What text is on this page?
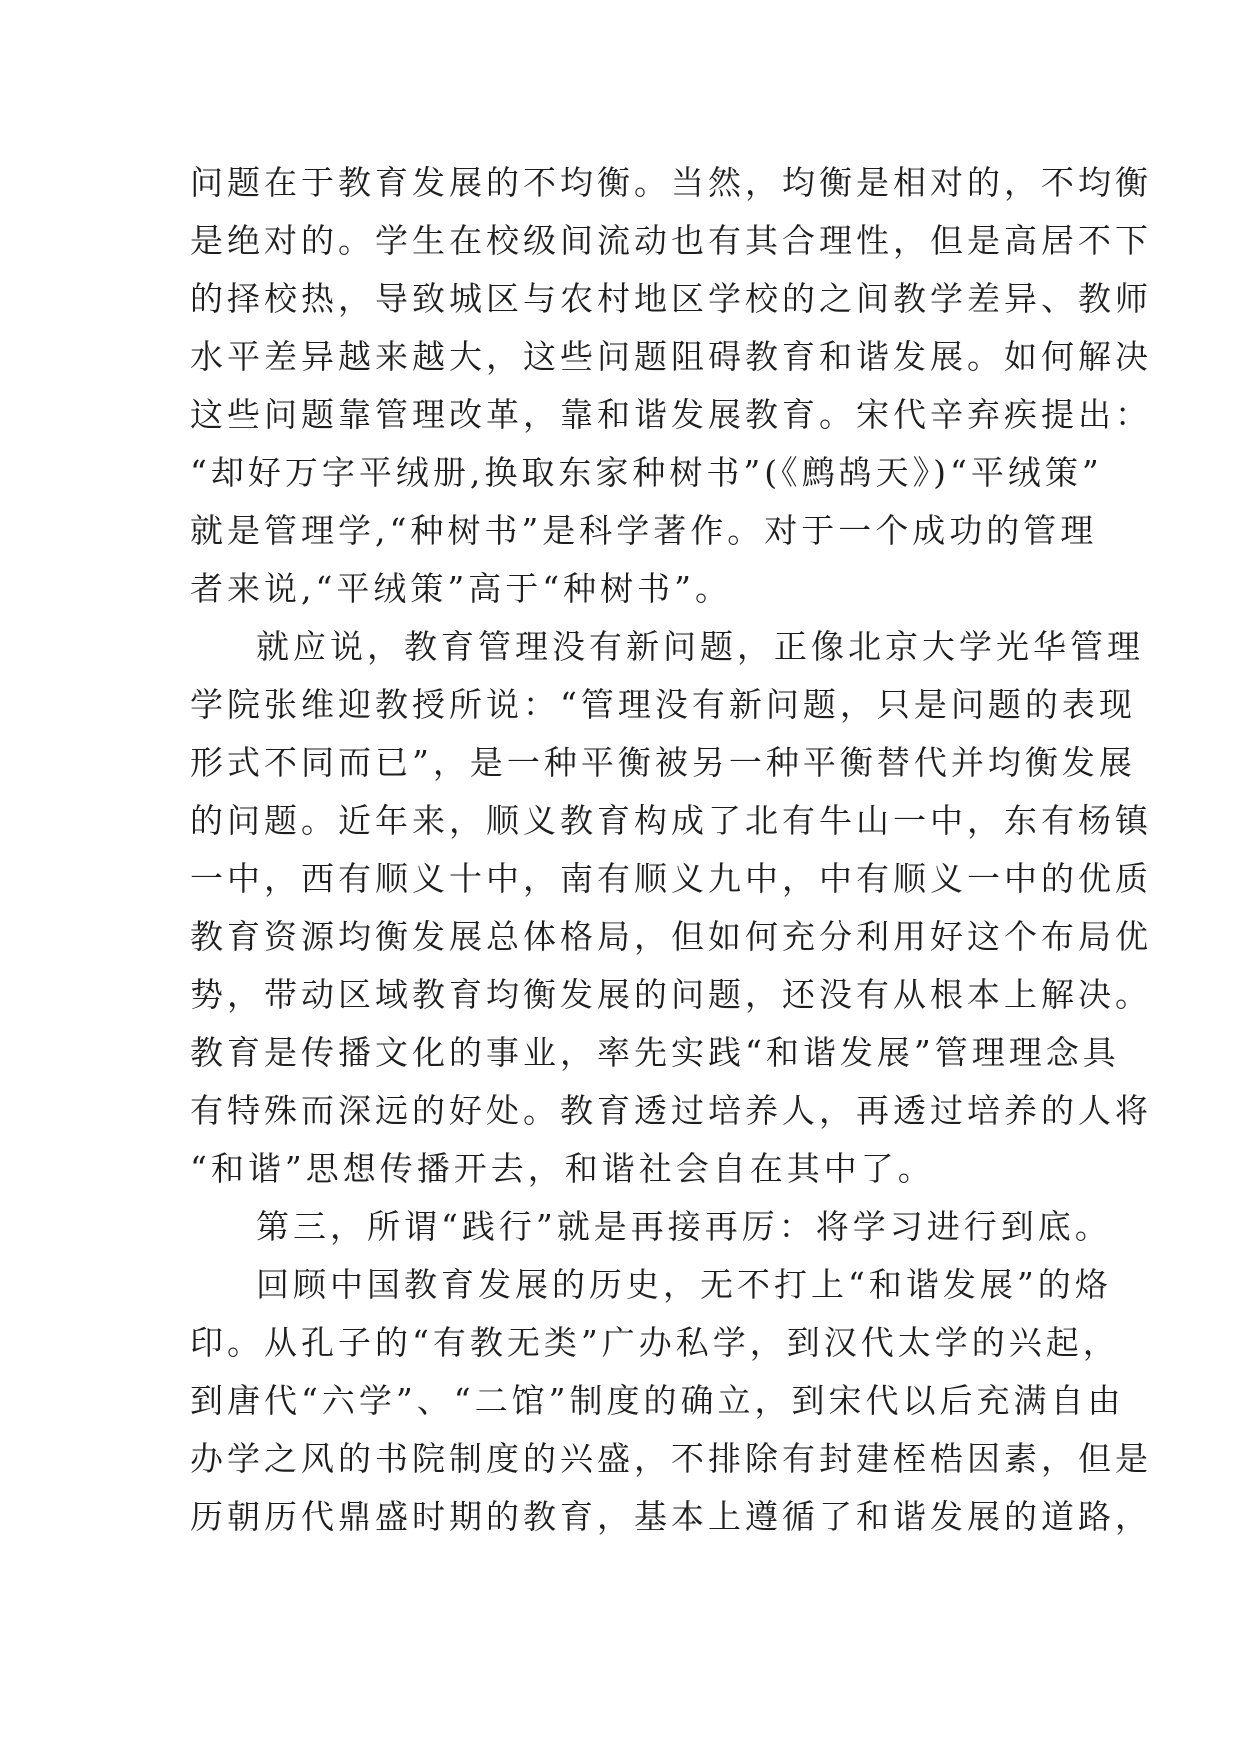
问题在于教育发展的不均衡。当然，均衡是相对的，不均衡
是绝对的。学生在校级间流动也有其合理性，但是高居不下
的择校热，导致城区与农村地区学校的之间教学差异、教师
水平差异越来越大，这些问题阻碍教育和谐发展。如何解决
这些问题靠管理改革，靠和谐发展教育。宋代辛弃疾提出：
“却好万字平绒册,换取东家种树书”(《鹧鸪天》)“平绒策”
就是管理学,“种树书”是科学著作。对于一个成功的管理
者来说,“平绒策”高于“种树书”。
就应说，教育管理没有新问题，正像北京大学光华管理
学院张维迎教授所说：“管理没有新问题，只是问题的表现
形式不同而已”，是一种平衡被另一种平衡替代并均衡发展
的问题。近年来，顺义教育构成了北有牛山一中，东有杨镇
一中，西有顺义十中，南有顺义九中，中有顺义一中的优质
教育资源均衡发展总体格局，但如何充分利用好这个布局优
势，带动区域教育均衡发展的问题，还没有从根本上解决。
教育是传播文化的事业，率先实践“和谐发展”管理理念具
有特殊而深远的好处。教育透过培养人，再透过培养的人将
“和谐”思想传播开去，和谐社会自在其中了。
第三，所谓“践行”就是再接再厉：将学习进行到底。
回顾中国教育发展的历史，无不打上“和谐发展”的烙
印。从孔子的“有教无类”广办私学，到汉代太学的兴起，
到唐代“六学”、“二馆”制度的确立，到宋代以后充满自由
办学之风的书院制度的兴盛，不排除有封建桎梏因素，但是
历朝历代鼎盛时期的教育，基本上遵循了和谐发展的道路，
